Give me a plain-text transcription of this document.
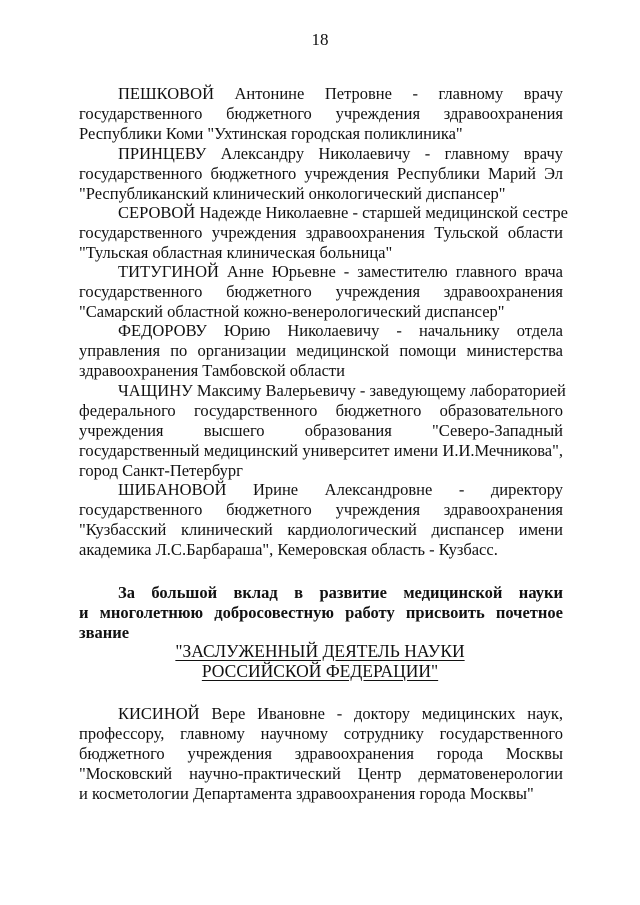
18
ПЕШКОВОЙ Антонине Петровне - главному врачу
государственного бюджетного учреждения здравоохранения
Республики Коми "Ухтинская городская поликлиника"
ПРИНЦЕВУ Александру Николаевичу - главному врачу
государственного бюджетного учреждения Республики Марий Эл
"Республиканский клинический онкологический диспансер"
СЕРОВОЙ Надежде Николаевне - старшей медицинской сестре
государственного учреждения здравоохранения Тульской области
"Тульская областная клиническая больница"
ТИТУГИНОЙ Анне Юрьевне - заместителю главного врача
государственного бюджетного учреждения здравоохранения
"Самарский областной кожно-венерологический диспансер"
ФЕДОРОВУ Юрию Николаевичу - начальнику отдела
управления по организации медицинской помощи министерства
здравоохранения Тамбовской области
ЧАЩИНУ Максиму Валерьевичу - заведующему лабораторией
федерального государственного бюджетного образовательного
учреждения высшего образования "Северо-Западный
государственный медицинский университет имени И.И.Мечникова",
город Санкт-Петербург
ШИБАНОВОЙ Ирине Александровне - директору
государственного бюджетного учреждения здравоохранения
"Кузбасский клинический кардиологический диспансер имени
академика Л.С.Барбараша", Кемеровская область - Кузбасс.
За большой вклад в развитие медицинской науки
и многолетнюю добросовестную работу присвоить почетное
звание
"ЗАСЛУЖЕННЫЙ ДЕЯТЕЛЬ НАУКИ
РОССИЙСКОЙ ФЕДЕРАЦИИ"
КИСИНОЙ Вере Ивановне - доктору медицинских наук,
профессору, главному научному сотруднику государственного
бюджетного учреждения здравоохранения города Москвы
"Московский научно-практический Центр дерматовенерологии
и косметологии Департамента здравоохранения города Москвы"
